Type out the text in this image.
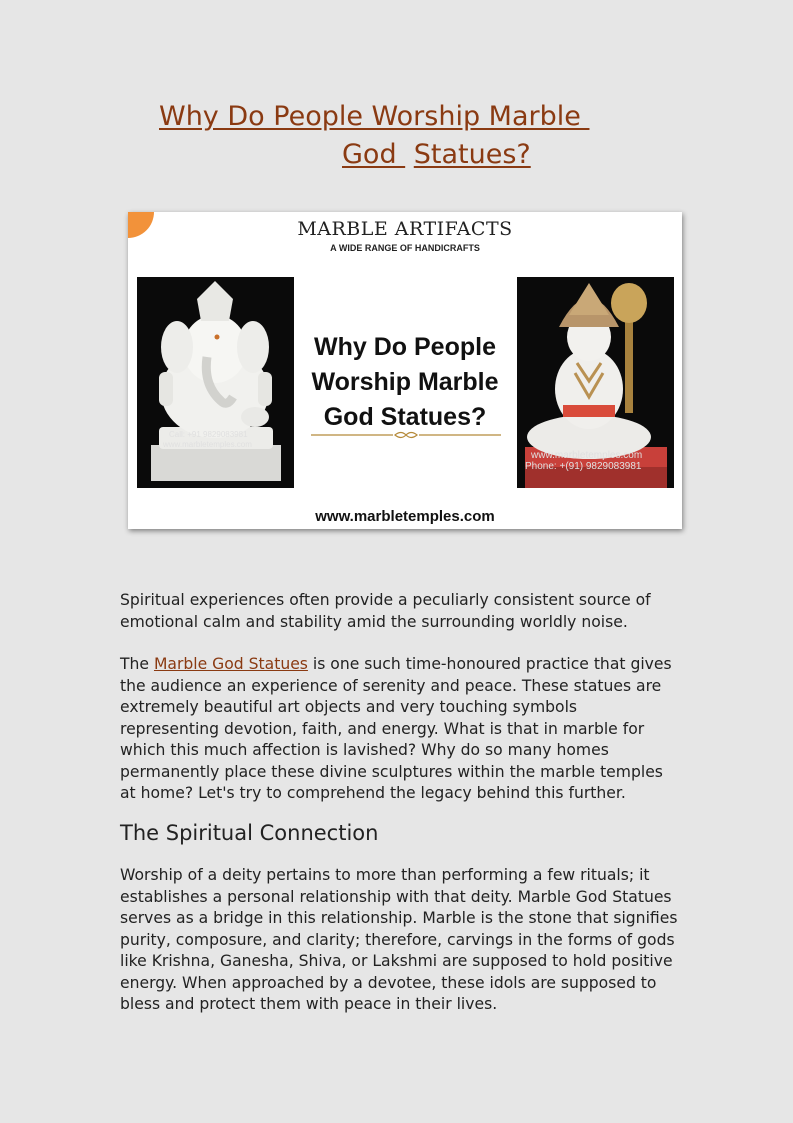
Why Do People Worship Marble
God  Statues?
MARBLE ARTIFACTS
A WIDE RANGE OF HANDICRAFTS
Call: +91 9829083981
www.marbletemples.com
Why Do People
Worship Marble
God Statues?
www.marbletemples.com
Phone: +(91) 9829083981
www.marbletemples.com
Spiritual experiences often provide a peculiarly consistent source of emotional calm and stability amid the surrounding worldly noise.
The Marble God Statues is one such time-honoured practice that gives the audience an experience of serenity and peace. These statues are extremely beautiful art objects and very touching symbols representing devotion, faith, and energy. What is that in marble for which this much affection is lavished? Why do so many homes permanently place these divine sculptures within the marble temples at home? Let's try to comprehend the legacy behind this further.
The Spiritual Connection
Worship of a deity pertains to more than performing a few rituals; it establishes a personal relationship with that deity. Marble God Statues serves as a bridge in this relationship. Marble is the stone that signifies purity, composure, and clarity; therefore, carvings in the forms of gods like Krishna, Ganesha, Shiva, or Lakshmi are supposed to hold positive energy. When approached by a devotee, these idols are supposed to bless and protect them with peace in their lives.
